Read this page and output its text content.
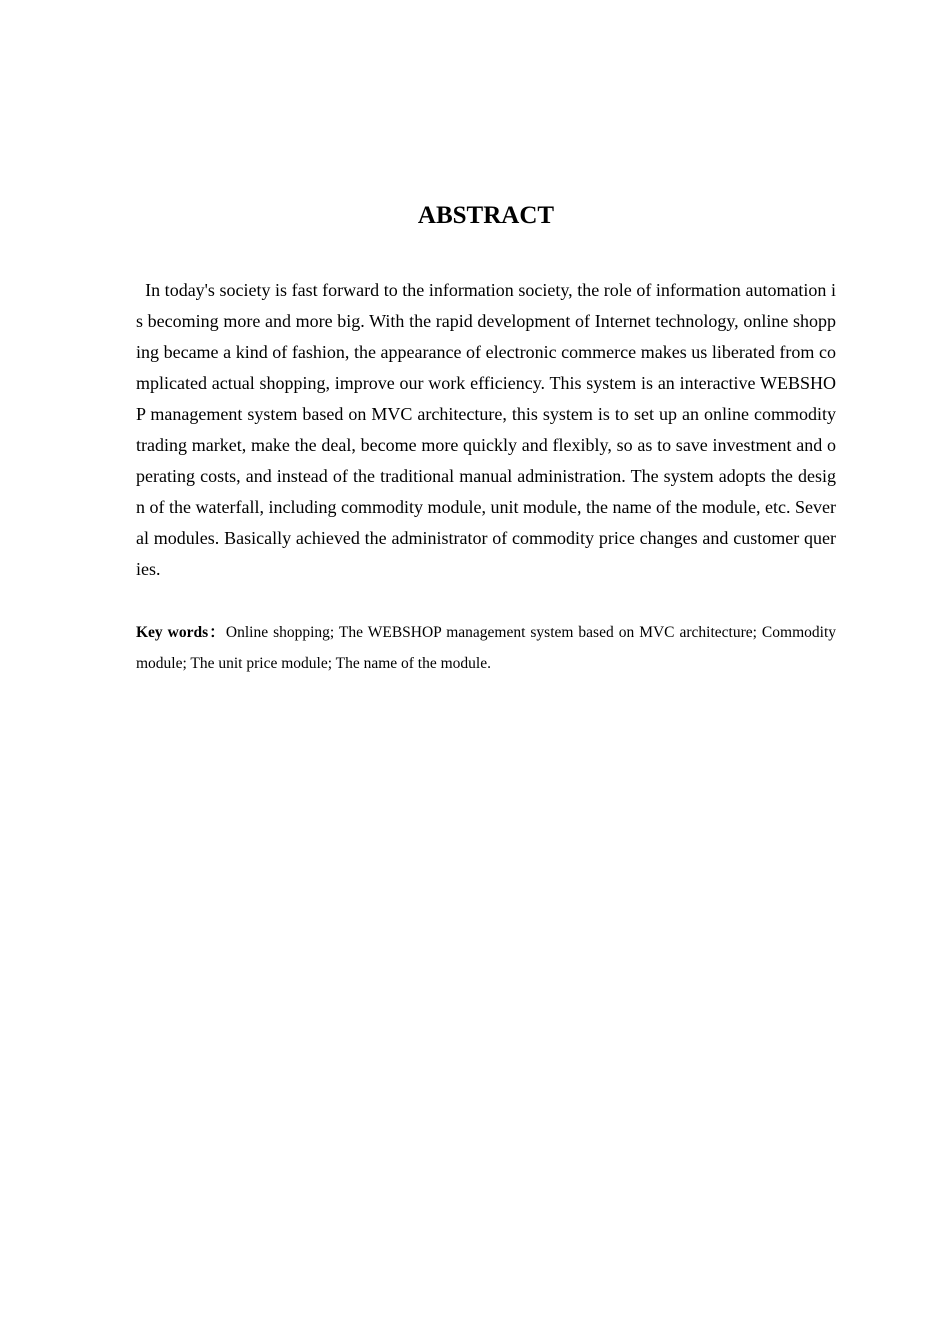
ABSTRACT

In today's society is fast forward to the information society, the role of information automation is becoming more and more big. With the rapid development of Internet technology, online shopping became a kind of fashion, the appearance of electronic commerce makes us liberated from complicated actual shopping, improve our work efficiency. This system is an interactive WEBSHOP management system based on MVC architecture, this system is to set up an online commodity trading market, make the deal, become more quickly and flexibly, so as to save investment and operating costs, and instead of the traditional manual administration. The system adopts the design of the waterfall, including commodity module, unit module, the name of the module, etc. Several modules. Basically achieved the administrator of commodity price changes and customer queries.

Key words：Online shopping; The WEBSHOP management system based on MVC architecture; Commodity module; The unit price module; The name of the module.
